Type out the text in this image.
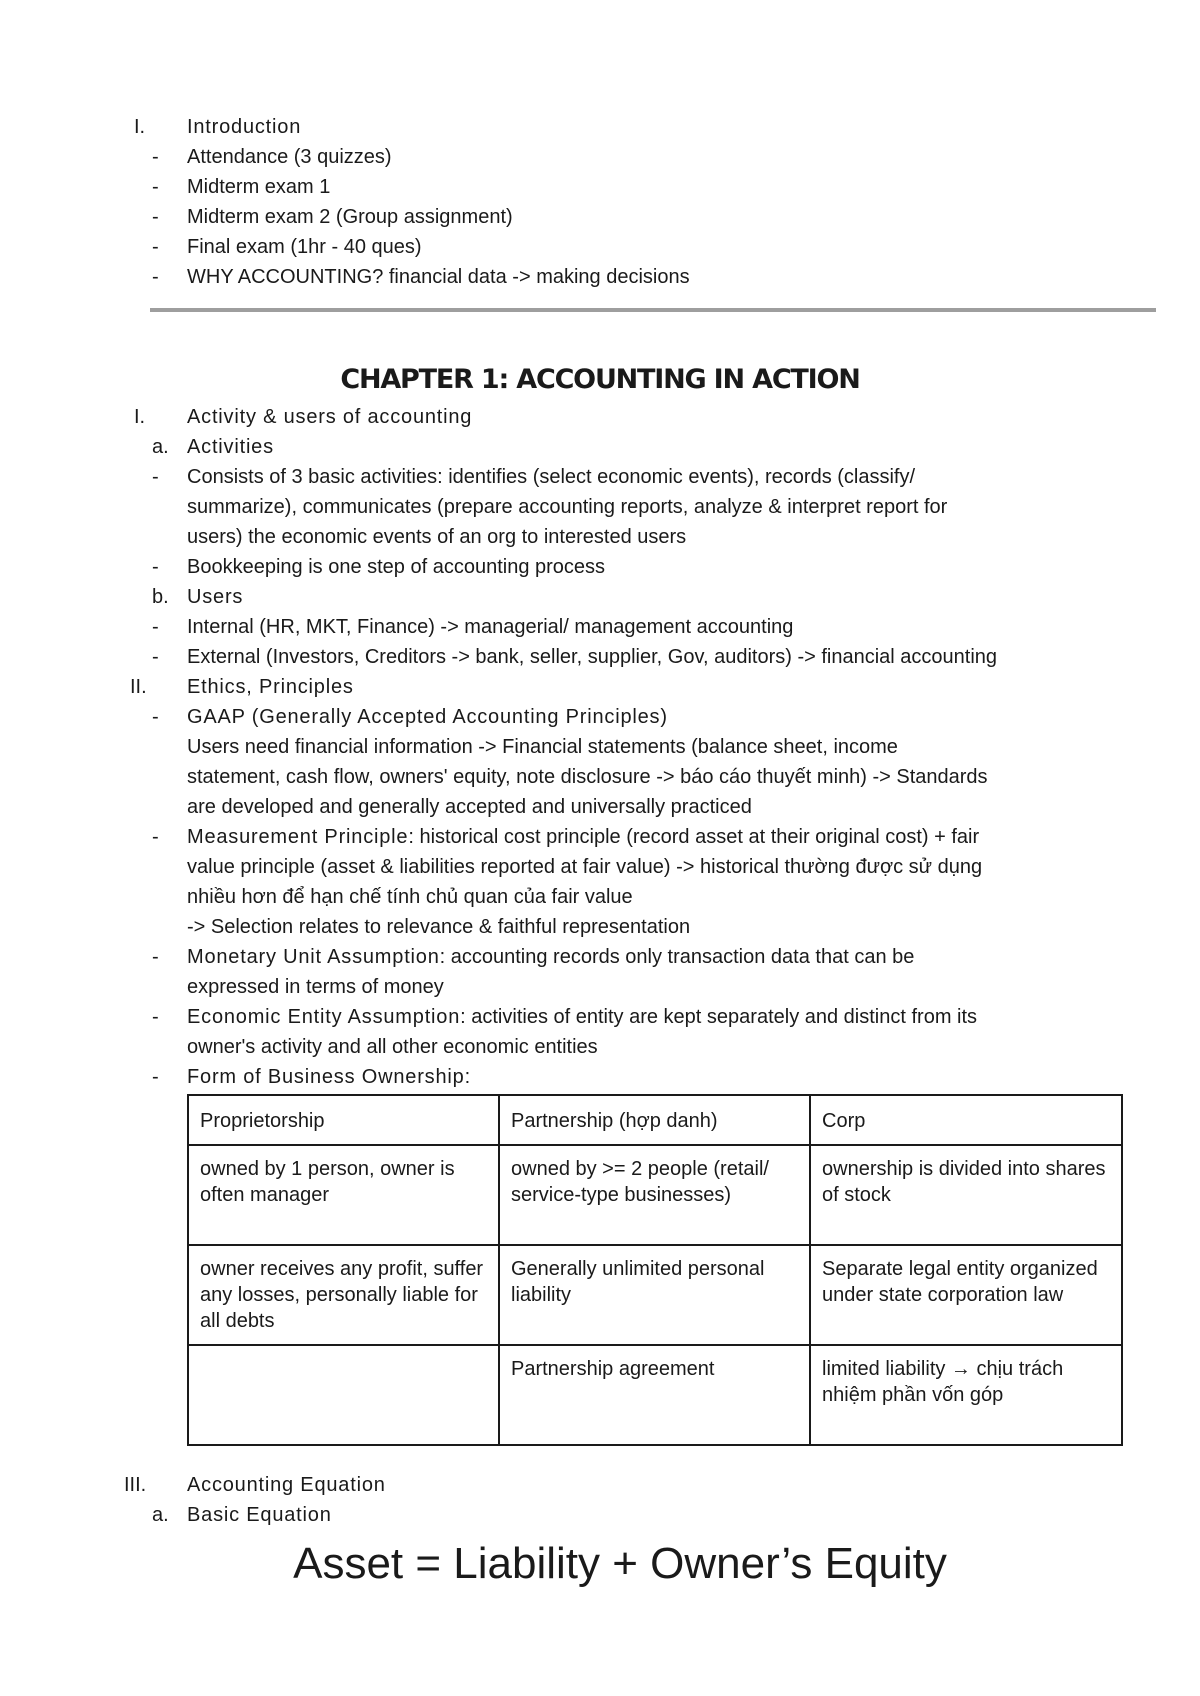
I. Introduction
- Attendance (3 quizzes)
- Midterm exam 1
- Midterm exam 2 (Group assignment)
- Final exam (1hr - 40 ques)
- WHY ACCOUNTING? financial data -> making decisions
CHAPTER 1: ACCOUNTING IN ACTION
I. Activity & users of accounting
a. Activities
- Consists of 3 basic activities: identifies (select economic events), records (classify/
summarize), communicates (prepare accounting reports, analyze & interpret report for
users) the economic events of an org to interested users
- Bookkeeping is one step of accounting process
b. Users
- Internal (HR, MKT, Finance) -> managerial/ management accounting
- External (Investors, Creditors -> bank, seller, supplier, Gov, auditors) -> financial accounting
II. Ethics, Principles
- GAAP (Generally Accepted Accounting Principles)
Users need financial information -> Financial statements (balance sheet, income
statement, cash flow, owners' equity, note disclosure -> báo cáo thuyết minh) -> Standards
are developed and generally accepted and universally practiced
- Measurement Principle: historical cost principle (record asset at their original cost) + fair
value principle (asset & liabilities reported at fair value) -> historical thường được sử dụng
nhiều hơn để hạn chế tính chủ quan của fair value
-> Selection relates to relevance & faithful representation
- Monetary Unit Assumption: accounting records only transaction data that can be
expressed in terms of money
- Economic Entity Assumption: activities of entity are kept separately and distinct from its
owner's activity and all other economic entities
- Form of Business Ownership:
Proprietorship	Partnership (hợp danh)	Corp
owned by 1 person, owner is often manager	owned by >= 2 people (retail/ service-type businesses)	ownership is divided into shares of stock
owner receives any profit, suffer any losses, personally liable for all debts	Generally unlimited personal liability	Separate legal entity organized under state corporation law
	Partnership agreement	limited liability → chịu trách nhiệm phần vốn góp
III. Accounting Equation
a. Basic Equation
Asset = Liability + Owner’s Equity
